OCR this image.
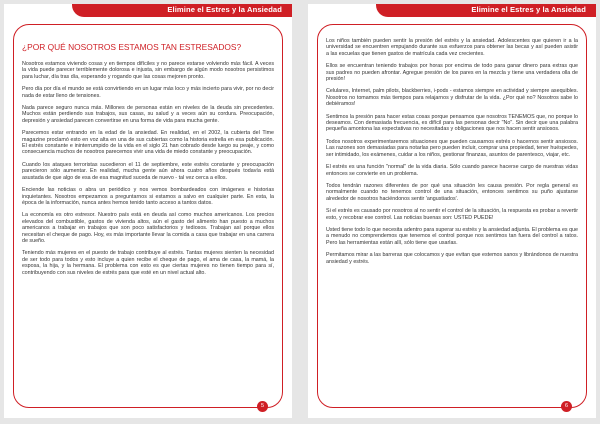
Elimine el Estres y la Ansiedad
¿POR QUÉ NOSOTROS ESTAMOS TAN ESTRESADOS?

Nosotros estamos viviendo cosas y en tiempos difíciles y no parece estarse volviendo más fácil. A veces la vida puede parecer terriblemente dolorosa e injusta, sin embargo de algún modo nosotros persistimos para luchar, día tras día, esperando y rogando que las cosas mejoren pronto.

Pero día por día el mundo se está convirtiendo en un lugar más loco y más incierto para vivir, por no decir nada de estar lleno de tensiones.

Nada parece seguro nunca más. Millones de personas están en niveles de la deuda sin precedentes. Muchos están perdiendo sus trabajos, sus casas, su salud y a veces aún su cordura. Preocupación, depresión y ansiedad parecen convertirse en una forma de vida para mucha gente.

Parecemos estar entrando en la edad de la ansiedad. En realidad, en el 2002, la cubierta del Time magazine proclamó esto en voz alta en una de sus cubiertas como la historia estrella en esa publicación. El estrés constante e ininterrumpido de la vida en el siglo 21 han cobrado desde luego su peaje, y como consecuencia muchos de nosotros parecemos vivir una vida de miedo constante y preocupación.

Cuando los ataques terroristas sucedieron el 11 de septiembre, este estrés constante y preocupación parecieron sólo aumentar. En realidad, mucha gente aún ahora cuatro años después todavía está asustada de que algo de esa de esa magnitud suceda de nuevo - tal vez cerca a ellos.

Enciende las noticias o abra un periódico y nos vemos bombardeados con imágenes e historias inquietantes. Nosotros empezamos a preguntarnos si estamos a salvo en cualquier parte. En esta, la época de la información, nunca antes hemos tenido tanto acceso a tantos datos.

La economía es otro estresor. Nuestro país está en deuda así como muchos americanos. Los precios elevados del combustible, gastos de vivienda altos, aún el gasto del alimento han puesto a muchos americanos a trabajar en trabajos que son poco satisfactorios y tediosos. Trabajan así porque ellos necesitan el cheque de pago. Hoy, es más importante llevar la comida a casa que trabajar en una carrera de sueño.

Teniendo más mujeres en el puesto de trabajo contribuye al estrés. Tantas mujeres sienten la necesidad de ser todo para todos y esto incluye a quien recibe el cheque de pago, el ama de casa, la mamá, la esposa, la hija, y la hermana. El problema con esto es que ciertas mujeres no tienen tiempo para sí, contribuyendo con sus niveles de estrés para que esté en un nivel actual alto.

5
Elimine el Estres y la Ansiedad

Los niños también pueden sentir la presión del estrés y la ansiedad. Adolescentes que quieren ir a la universidad se encuentren empujando durante sus esfuerzos para obtener las becas y así pueden asistir a las escuelas que tienen gastos de matrícula cada vez crecientes.

Ellos se encuentran teniendo trabajos por horas por encima de todo para ganar dinero para extras que sus padres no pueden afrontar. Agregue presión de los pares en la mezcla y tiene una verdadera olla de presión!

Celulares, Internet, palm pilots, blackberries, i-pods - estamos siempre en actividad y siempre asequibles. Nosotros no tomamos más tiempos para relajarnos y disfrutar de la vida. ¿Por qué no? Nosotros sabe lo debiéramos!

Sentimos la presión para hacer estas cosas porque pensamos que nosotros TENEMOS que, no porque lo deseamos. Con demasiada frecuencia, es difícil para las personas decir "No". Sin decir que una palabra pequeña amontona las expectativas no necesitadas y obligaciones que nos hacen sentir ansiosos.

Todos nosotros experimentaremos situaciones que pueden causarnos estrés o hacernos sentir ansiosos. Las razones son demasiadas para notarlas pero pueden incluir, comprar una propiedad, tener huéspedes, ser intimidado, los exámenes, cuidar a los niños, gestionar finanzas, asuntos de parentesco, viajar, etc.

El estrés es una función "normal" de la vida diaria. Sólo cuando parece hacerse cargo de nuestras vidas entonces se convierte en un problema.

Todos tendrán razones diferentes de por qué una situación les causa presión. Por regla general es normalmente cuando no tenemos control de una situación, entonces sentimos su puño ajustarse alrededor de nosotros haciéndonos sentir 'angustiados'.

Si el estrés es causado por nosotros al no sentir el control de la situación, la respuesta es probar a revertir esto, y recobrar ese control. Las noticias buenas son: USTED PUEDE!

Usted tiene todo lo que necesita adentro para superar su estrés y la ansiedad adjunta. El problema es que a menudo no comprendemos que tenemos el control porque nos sentimos tan fuera del control a ratos. Pero las herramientas están allí, sólo tiene que usarlas.

Permitamos mirar a las barreras que colocamos y que evitan que estemos sanos y librándonos de nuestra ansiedad y estrés.

6
